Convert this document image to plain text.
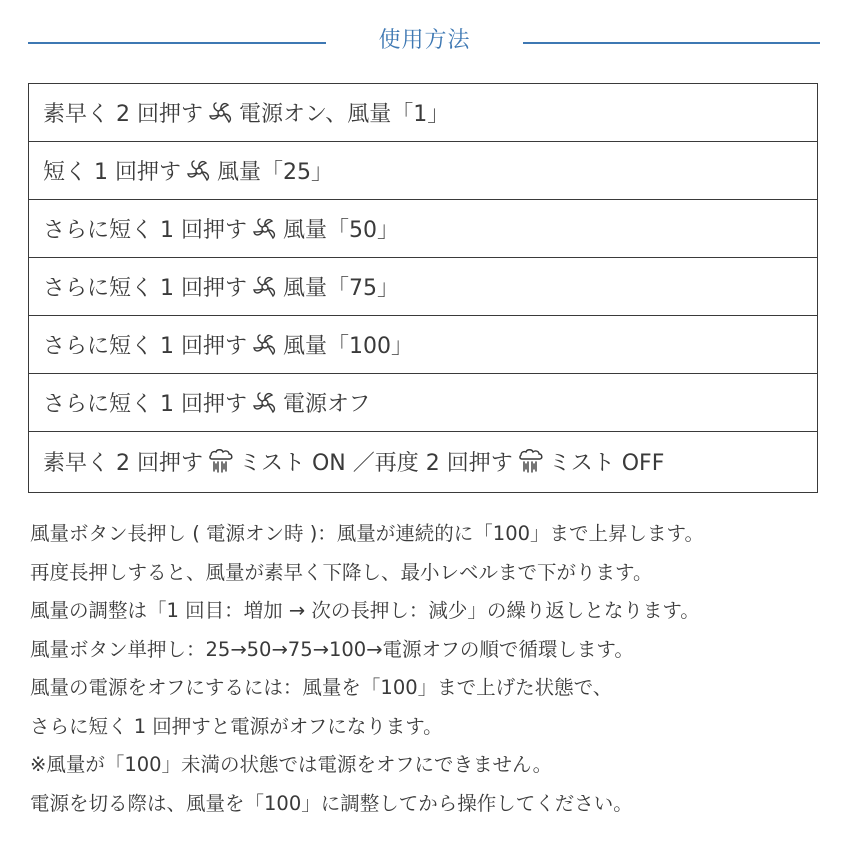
使用方法
素早く 2 回押す 電源オン、風量「1」
短く 1 回押す 風量「25」
さらに短く 1 回押す 風量「50」
さらに短く 1 回押す 風量「75」
さらに短く 1 回押す 風量「100」
さらに短く 1 回押す 電源オフ
素早く 2 回押す ミスト ON ／再度 2 回押す ミスト OFF
風量ボタン長押し ( 電源オン時 )：風量が連続的に「100」まで上昇します。
再度長押しすると、風量が素早く下降し、最小レベルまで下がります。
風量の調整は「1 回目：増加 → 次の長押し：減少」の繰り返しとなります。
風量ボタン単押し：25→50→75→100→電源オフの順で循環します。
風量の電源をオフにするには：風量を「100」まで上げた状態で、
さらに短く 1 回押すと電源がオフになります。
※風量が「100」未満の状態では電源をオフにできません。
電源を切る際は、風量を「100」に調整してから操作してください。
